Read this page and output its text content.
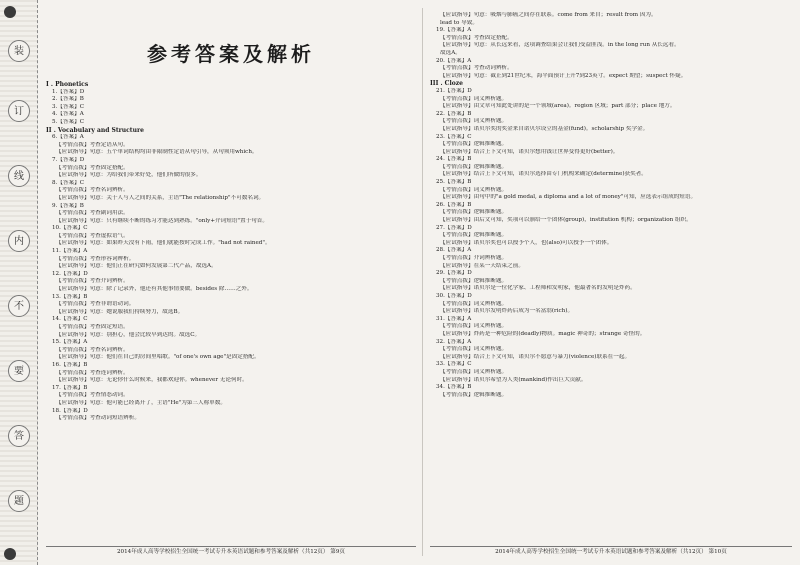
装
订
线
内
不
要
答
题
参考答案及解析
I . Phonetics
1.【答案】D
2.【答案】B
3.【答案】C
4.【答案】A
5.【答案】C
II . Vocabulary and Structure
6.【答案】A
【考情点拨】考查定语从句。
【应试指导】句意：五个单词结构均由非限制性定语从句引导，从句须用which。
7.【答案】D
【考情点拨】考查固定搭配。
【应试指导】句意：为给我们带来好处，他们所做的很多。
8.【答案】C
【考情点拨】考查名词辨析。
【应试指导】句意：关于人与人之间的关系，主语"The relationship"不可数名词。
9.【答案】B
【考情点拨】考查副词用法。
【应试指导】句意：只有继续不断的练习才能达到熟练。"only+介词短语"置于句首。
10.【答案】C
【考情点拨】考查虚拟语气。
【应试指导】句意：如果昨天没有下雨，他们就能按时完成工作。"had not rained"。
11.【答案】A
【考情点拨】考查形容词辨析。
【应试指导】句意：他们正在研究如何发展第二代产品，故选A。
12.【答案】D
【考情点拨】考查介词辨析。
【应试指导】句意：除了记录外，他还有其他事情要做。besides 除……之外。
13.【答案】B
【考情点拨】考查非谓语动词。
【应试指导】句意：她说服我们持续努力，故选B。
14.【答案】C
【考情点拨】考查固定短语。
【应试指导】句意：别担心，他会比较早到达的。故选C。
15.【答案】A
【考情点拨】考查名词辨析。
【应试指导】句意：他们在自己的房间里唱歌。"of one's own age"是固定搭配。
16.【答案】B
【考情点拨】考查连词辨析。
【应试指导】句意：无论你什么时候来，我都欢迎你。whenever 无论何时。
17.【答案】B
【考情点拨】考查情态动词。
【应试指导】句意：他可能已经离开了，主语"He"为第三人称单数。
18.【答案】D
【考情点拨】考查动词短语辨析。
2014年成人高等学校招生全国统一考试专升本英语试题和参考答案及解析（共12页） 第9页
【应试指导】句意：吸烟与肺癌之间存在联系。come from 来自；result from 因为。
lead to 导致。
19.【答案】A
【考情点拨】考查固定搭配。
【应试指导】句意：从长远来看，这项调查结果会让我们受益匪浅。in the long run 从长远看。
故选A。
20.【答案】A
【考情点拨】考查动词辨析。
【应试指导】句意：截止到21世纪末，海平面预计上升7到23英寸。expect 期望；suspect 怀疑。
III . Cloze
21.【答案】D
【考情点拨】词义辨析题。
【应试指导】由文章可知此处讲的是一个领域(area)。region 区域；part 部分；place 地方。
22.【答案】B
【考情点拨】词义辨析题。
【应试指导】诺贝尔奖的奖金来自诺贝尔设立的基金(fund)。scholarship 奖学金。
23.【答案】C
【考情点拨】逻辑推断题。
【应试指导】结合上下文可知，诺贝尔想用钱让世界变得更好(better)。
24.【答案】B
【考情点拨】逻辑推断题。
【应试指导】结合上下文可知，诺贝尔选择由专门机构来确定(determine)获奖者。
25.【答案】B
【考情点拨】词义辨析题。
【应试指导】由句中的"a gold medal, a diploma and a lot of money"可知，应选表示组成的短语。
26.【答案】B
【考情点拨】逻辑推断题。
【应试指导】由后文可知，奖项可以颁给一个团体(group)，institution 机构；organization 组织。
27.【答案】D
【考情点拨】逻辑推断题。
【应试指导】诺贝尔奖也可以授予个人，也(also)可以授予一个团体。
28.【答案】A
【考情点拨】介词辨析题。
【应试指导】在某一天结束之前。
29.【答案】D
【考情点拨】逻辑推断题。
【应试指导】诺贝尔是一位化学家、工程师和发明家，他最著名的发明是炸药。
30.【答案】D
【考情点拨】词义辨析题。
【应试指导】诺贝尔发明炸药后成为一名富翁(rich)。
31.【答案】A
【考情点拨】词义辨析题。
【应试指导】炸药是一种危险的(deadly)物质。magic 神奇的；strange 奇怪的。
32.【答案】A
【考情点拨】词义辨析题。
【应试指导】结合上下文可知，诺贝尔不愿意与暴力(violence)联系在一起。
33.【答案】C
【考情点拨】词义辨析题。
【应试指导】诺贝尔希望为人类(mankind)作出巨大贡献。
34.【答案】B
【考情点拨】逻辑推断题。
2014年成人高等学校招生全国统一考试专升本英语试题和参考答案及解析（共12页） 第10页
